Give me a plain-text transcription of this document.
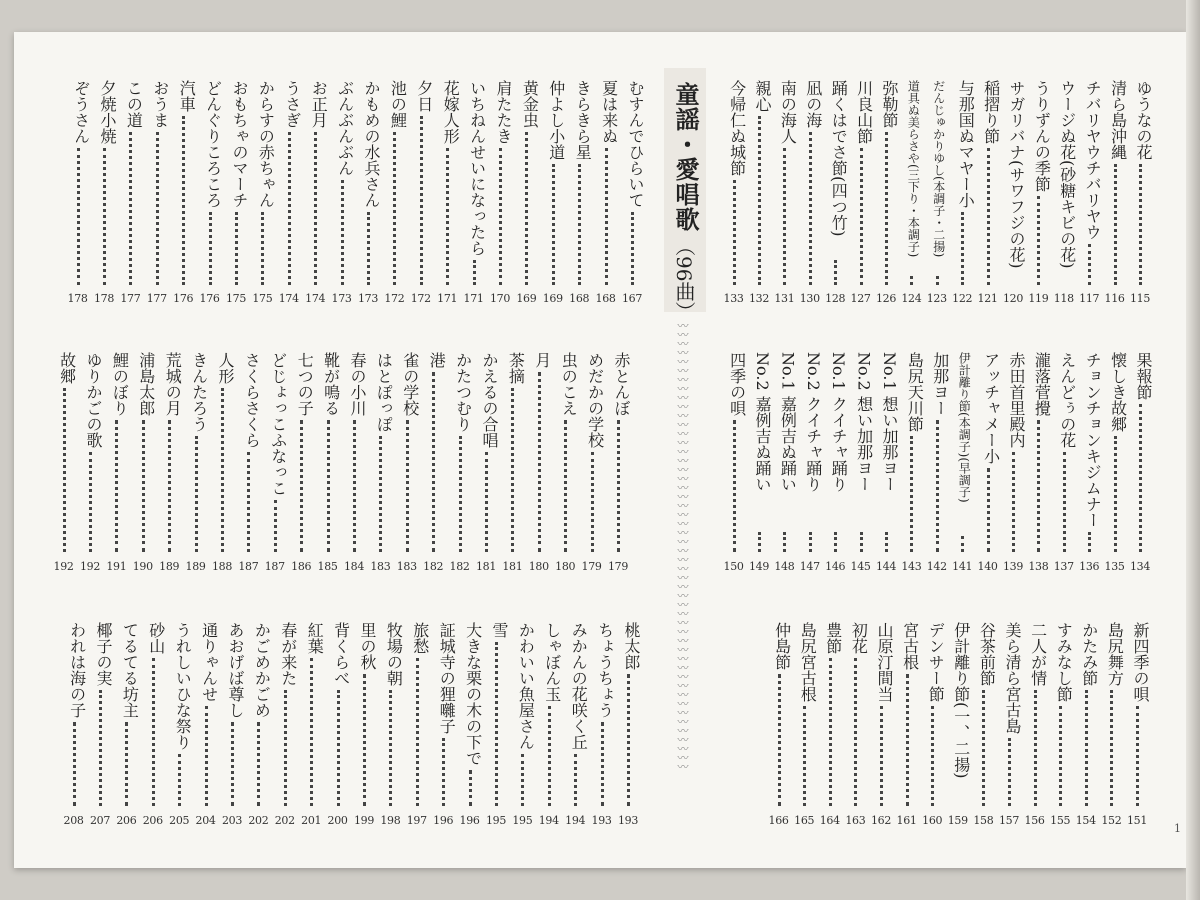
童謡・愛唱歌
（96曲）
〰〰〰〰〰〰〰〰〰〰〰〰〰〰〰〰〰〰〰〰〰〰〰〰〰〰〰〰〰〰〰〰〰〰〰〰〰〰〰〰〰〰〰〰〰〰〰〰〰〰
ゆうなの花
115
清ら島沖縄
116
チバリヤウチバリヤウ
117
ウージぬ花(砂糖キビの花)
118
うりずんの季節
119
サガリバナ(サワフジの花)
120
稲摺り節
121
与那国ぬマヤー小
122
だんじゅかりゆし(本調子・二揚)
123
道具ぬ美らさや(三下り・本調子)
124
弥勒節
126
川良山節
127
踊くはでさ節(四つ竹)
128
凪の海
130
南の海人
131
親心
132
今帰仁ぬ城節
133
果報節
134
懐しき故郷
135
チョンチョンキジムナー
136
えんどぅの花
137
瀧落菅攪
138
赤田首里殿内
139
アッチャメー小
140
伊計離り節(本調子)(早調子)
141
加那ヨー
142
島尻天川節
143
No.1 想い加那ヨー
144
No.2 想い加那ヨー
145
No.1 クイチャ踊り
146
No.2 クイチャ踊り
147
No.1 嘉例吉ぬ踊い
148
No.2 嘉例吉ぬ踊い
149
四季の唄
150
新四季の唄
151
島尻舞方
152
かたみ節
154
すみなし節
155
二人が情
156
美ら清ら宮古島
157
谷茶前節
158
伊計離り節(一、二揚)
159
デンサー節
160
宮古根
161
山原汀間当
162
初花
163
豊節
164
島尻宮古根
165
仲島節
166
むすんでひらいて
167
夏は来ぬ
168
きらきら星
168
仲よし小道
169
黄金虫
169
肩たたき
170
いちねんせいになったら
171
花嫁人形
171
夕日
172
池の鯉
172
かもめの水兵さん
173
ぶんぶんぶん
173
お正月
174
うさぎ
174
からすの赤ちゃん
175
おもちゃのマーチ
175
どんぐりころころ
176
汽車
176
おうま
177
この道
177
夕焼小焼
178
ぞうさん
178
赤とんぼ
179
めだかの学校
179
虫のこえ
180
月
180
茶摘
181
かえるの合唱
181
かたつむり
182
港
182
雀の学校
183
はとぽっぽ
183
春の小川
184
靴が鳴る
185
七つの子
186
どじょっこふなっこ
187
さくらさくら
187
人形
188
きんたろう
189
荒城の月
189
浦島太郎
190
鯉のぼり
191
ゆりかごの歌
192
故郷
192
桃太郎
193
ちょうちょう
193
みかんの花咲く丘
194
しゃぼん玉
194
かわいい魚屋さん
195
雪
195
大きな栗の木の下で
196
証城寺の狸囃子
196
旅愁
197
牧場の朝
198
里の秋
199
背くらべ
200
紅葉
201
春が来た
202
かごめかごめ
202
あおげば尊し
203
通りゃんせ
204
うれしいひな祭り
205
砂山
206
てるてる坊主
206
椰子の実
207
われは海の子
208
1
